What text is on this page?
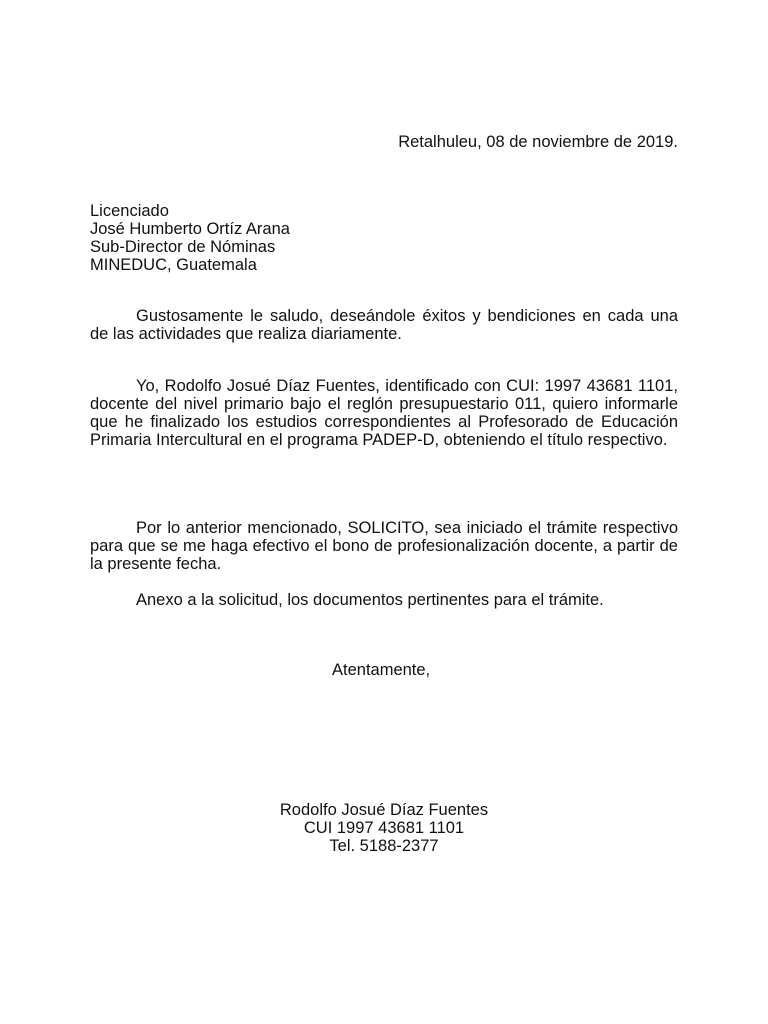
Retalhuleu, 08 de noviembre de 2019.
Licenciado
José Humberto Ortíz Arana
Sub-Director de Nóminas
MINEDUC, Guatemala

Gustosamente le saludo, deseándole éxitos y bendiciones en cada una de las actividades que realiza diariamente.

Yo, Rodolfo Josué Díaz Fuentes, identificado con CUI: 1997 43681 1101, docente del nivel primario bajo el reglón presupuestario 011, quiero informarle que he finalizado los estudios correspondientes al Profesorado de Educación Primaria Intercultural en el programa PADEP-D, obteniendo el título respectivo.

Por lo anterior mencionado, SOLICITO, sea iniciado el trámite respectivo para que se me haga efectivo el bono de profesionalización docente, a partir de la presente fecha.

Anexo a la solicitud, los documentos pertinentes para el trámite.

Atentamente,
Rodolfo Josué Díaz Fuentes
CUI 1997 43681 1101
Tel. 5188-2377
